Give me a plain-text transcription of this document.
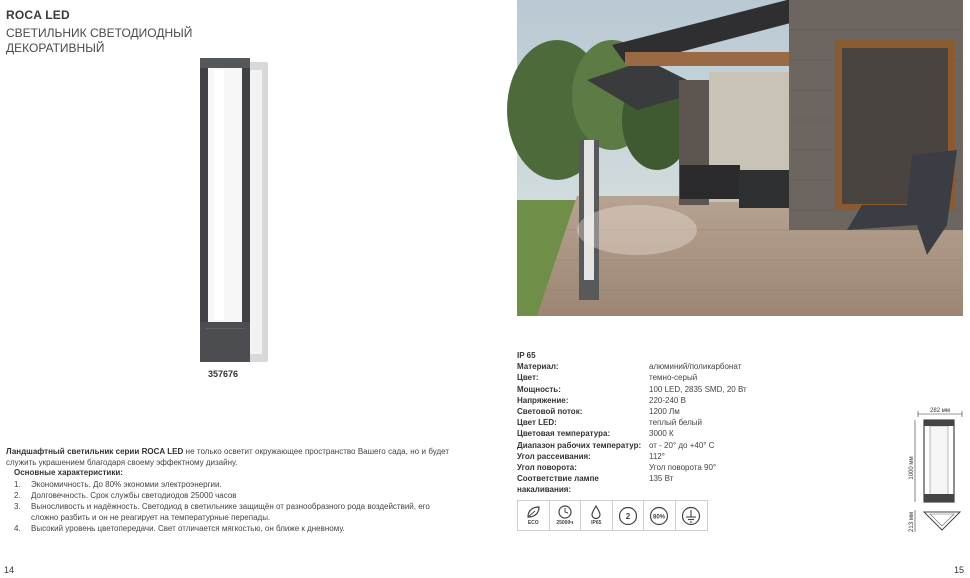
ROCA LED
СВЕТИЛЬНИК СВЕТОДИОДНЫЙ ДЕКОРАТИВНЫЙ
357676
Ландшафтный светильник серии ROCA LED не только осветит окружающее пространство Вашего сада, но и будет служить украшением благодаря своему эффектному дизайну.
Основные характеристики:
1.	Экономичность. До 80% экономии электроэнергии.
2.	Долговечность. Срок службы светодиодов 25000 часов
3.	Выносливость и надёжность. Светодиод в светильнике защищён от разнообразного рода воздействий, его сложно разбить и он не реагирует на температурные перепады.
4.	Высокий уровень цветопередачи. Свет отличается мягкостью, он ближе к дневному.
14
IP 65
Материал:	алюминий/поликарбонат
Цвет:	темно-серый
Мощность:	100 LED, 2835 SMD, 20 Вт
Напряжение:	220-240 В
Световой поток:	1200 Лм
Цвет LED:	теплый белый
Цветовая температура:	3000 К
Диапазон рабочих температур: от - 20° до +40° С
Угол рассеивания:	112°
Угол поворота:	Угол поворота 90°
Соответствие лампе накаливания:
135 Вт
ECO	25000ч	IP65
2	80%
282 мм
1000 мм
213 мм
15
